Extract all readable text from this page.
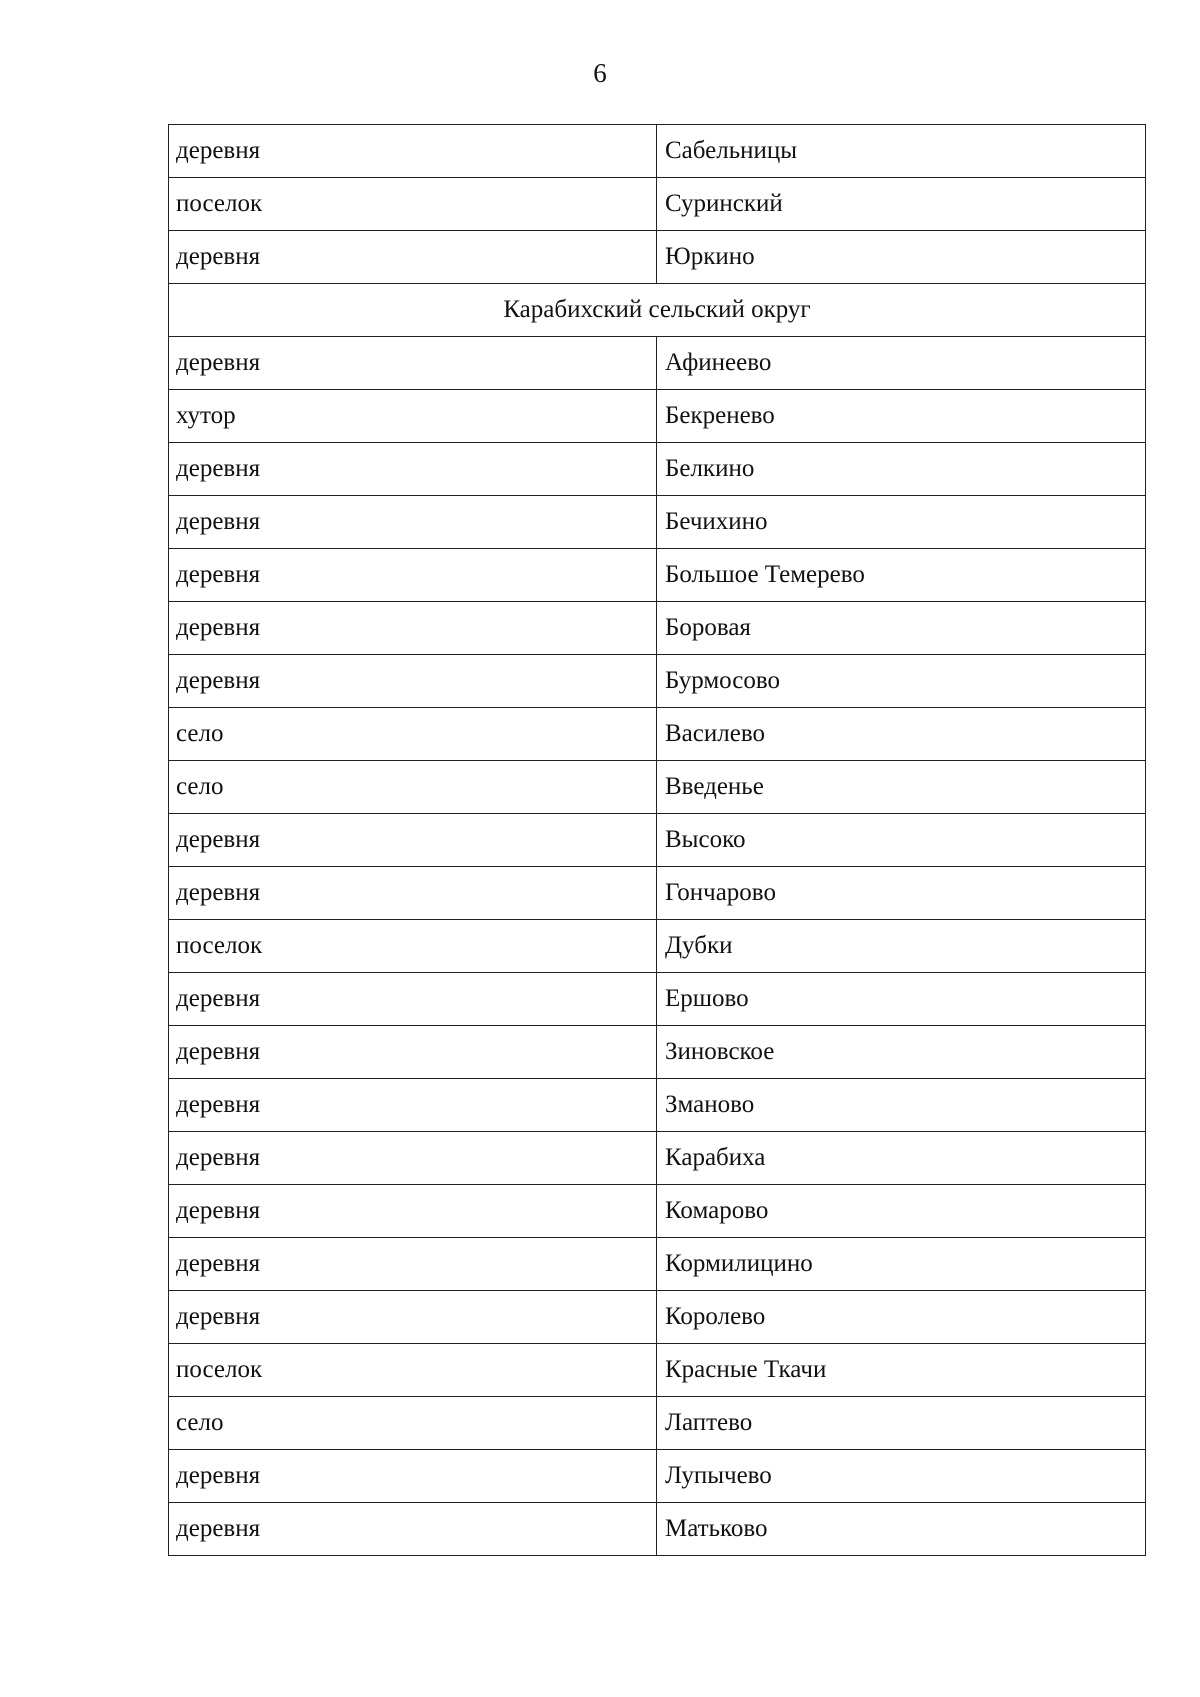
6
деревня	Сабельницы
поселок	Суринский
деревня	Юркино
Карабихский сельский округ	
деревня	Афинеево
хутор	Бекренево
деревня	Белкино
деревня	Бечихино
деревня	Большое Темерево
деревня	Боровая
деревня	Бурмосово
село	Василево
село	Введенье
деревня	Высоко
деревня	Гончарово
поселок	Дубки
деревня	Ершово
деревня	Зиновское
деревня	Зманово
деревня	Карабиха
деревня	Комарово
деревня	Кормилицино
деревня	Королево
поселок	Красные Ткачи
село	Лаптево
деревня	Лупычево
деревня	Матьково
